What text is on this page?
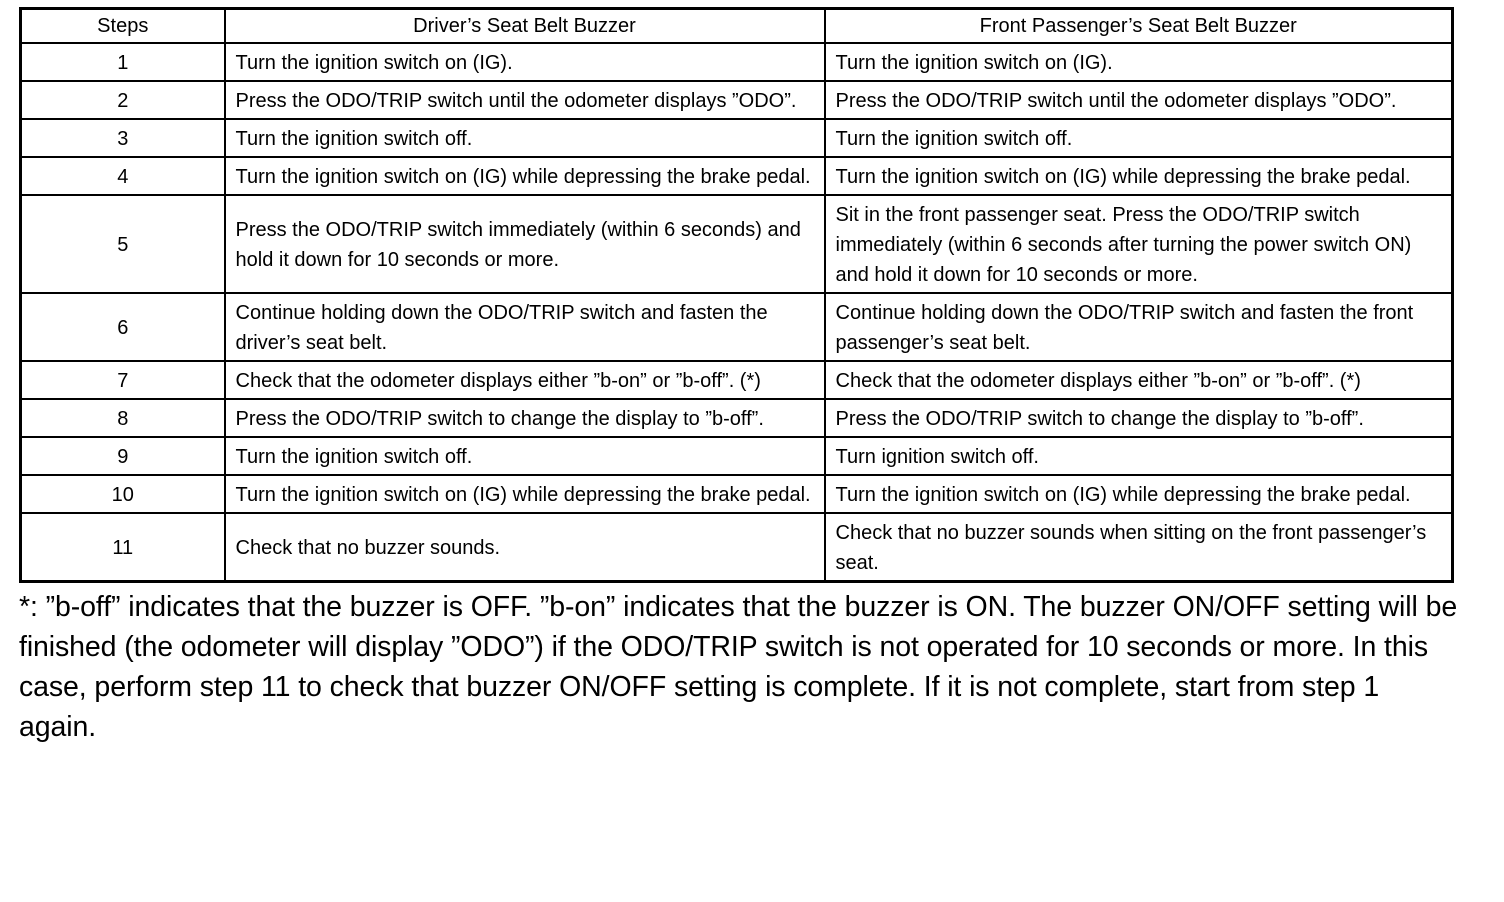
Steps	Driver’s Seat Belt Buzzer	Front Passenger’s Seat Belt Buzzer
1	Turn the ignition switch on (IG).	Turn the ignition switch on (IG).
2	Press the ODO/TRIP switch until the odometer displays ”ODO”.	Press the ODO/TRIP switch until the odometer displays ”ODO”.
3	Turn the ignition switch off.	Turn the ignition switch off.
4	Turn the ignition switch on (IG) while depressing the brake pedal.	Turn the ignition switch on (IG) while depressing the brake pedal.
5	Press the ODO/TRIP switch immediately (within 6 seconds) and hold it down for 10 seconds or more.	Sit in the front passenger seat. Press the ODO/TRIP switch immediately (within 6 seconds after turning the power switch ON) and hold it down for 10 seconds or more.
6	Continue holding down the ODO/TRIP switch and fasten the driver’s seat belt.	Continue holding down the ODO/TRIP switch and fasten the front passenger’s seat belt.
7	Check that the odometer displays either ”b-on” or ”b-off”. (*)	Check that the odometer displays either ”b-on” or ”b-off”. (*)
8	Press the ODO/TRIP switch to change the display to ”b-off”.	Press the ODO/TRIP switch to change the display to ”b-off”.
9	Turn the ignition switch off.	Turn ignition switch off.
10	Turn the ignition switch on (IG) while depressing the brake pedal.	Turn the ignition switch on (IG) while depressing the brake pedal.
11	Check that no buzzer sounds.	Check that no buzzer sounds when sitting on the front passenger’s seat.

*: ”b-off” indicates that the buzzer is OFF. ”b-on” indicates that the buzzer is ON. The buzzer ON/OFF setting will be finished (the odometer will display ”ODO”) if the ODO/TRIP switch is not operated for 10 seconds or more. In this case, perform step 11 to check that buzzer ON/OFF setting is complete. If it is not complete, start from step 1 again.
